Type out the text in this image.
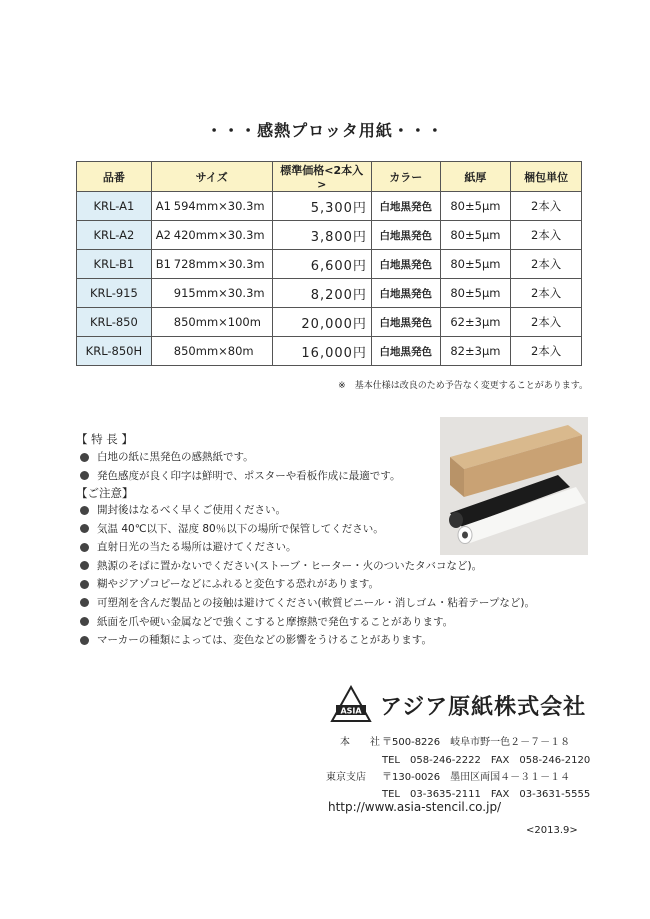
・・・感熱プロッタ用紙・・・
品番	サイズ	標準価格<2本入>	カラー	紙厚	梱包単位
KRL-A1	A1 594mm×30.3m	5,300円	白地黒発色	80±5μm	2本入
KRL-A2	A2 420mm×30.3m	3,800円	白地黒発色	80±5μm	2本入
KRL-B1	B1 728mm×30.3m	6,600円	白地黒発色	80±5μm	2本入
KRL-915	915mm×30.3m	8,200円	白地黒発色	80±5μm	2本入
KRL-850	850mm×100m	20,000円	白地黒発色	62±3μm	2本入
KRL-850H	850mm×80m	16,000円	白地黒発色	82±3μm	2本入
※　基本仕様は改良のため予告なく変更することがあります。
【 特 長 】
白地の紙に黒発色の感熱紙です。
発色感度が良く印字は鮮明で、ポスターや看板作成に最適です。
【ご注意】
開封後はなるべく早くご使用ください。
気温 40℃以下、湿度 80％以下の場所で保管してください。
直射日光の当たる場所は避けてください。
熱源のそばに置かないでください(ストーブ・ヒーター・火のついたタバコなど)。
糊やジアゾコピーなどにふれると変色する恐れがあります。
可塑剤を含んだ製品との接触は避けてください(軟質ビニール・消しゴム・粘着テープなど)。
紙面を爪や硬い金属などで強くこすると摩擦熱で発色することがあります。
マーカーの種類によっては、変色などの影響をうけることがあります。
ASIA アジア原紙株式会社
本　　社 〒500-8226　岐阜市野一色２－７－１８
TEL　058-246-2222　FAX　058-246-2120
東京支店 〒130-0026　墨田区両国４－３１－１４
TEL　03-3635-2111　FAX　03-3631-5555
http://www.asia-stencil.co.jp/
<2013.9>
